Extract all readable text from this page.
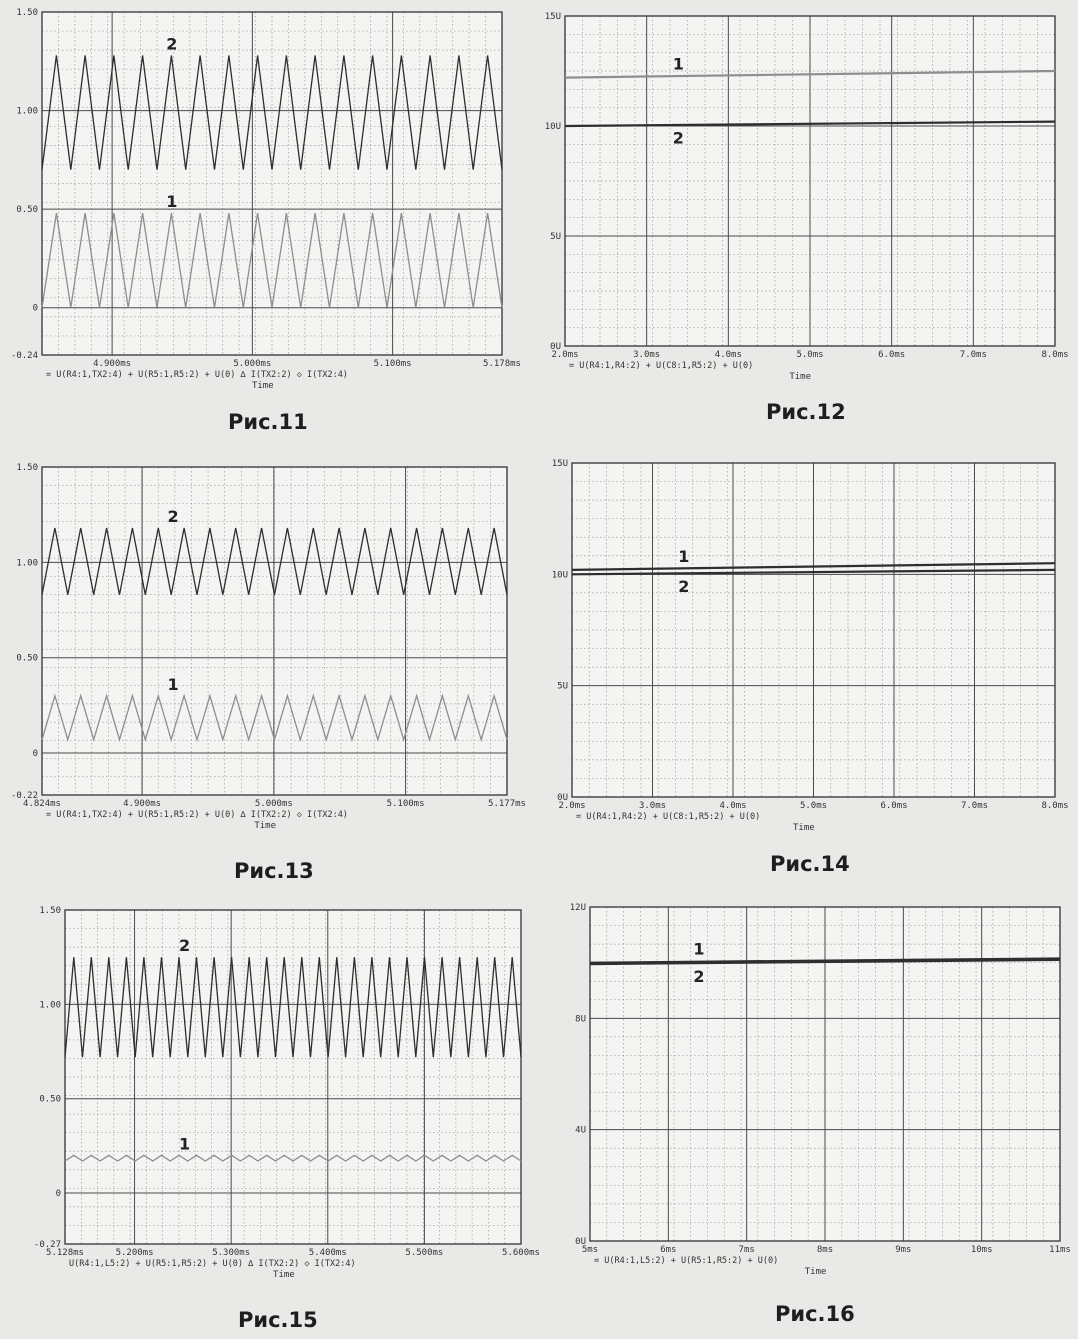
1.50
1.00
0.50
0
-0.24
4.900ms	5.000ms	5.100ms	5.178ms
= U(R4:1,TX2:4) + U(R5:1,R5:2) + U(0) ∆ I(TX2:2) ◇ I(TX2:4)
Time
2
1
Рис.11
15U
10U
5U
0U
2.0ms	3.0ms	4.0ms	5.0ms	6.0ms	7.0ms	8.0ms
= U(R4:1,R4:2) + U(C8:1,R5:2) + U(0)
Time
1
2
Рис.12
1.50
1.00
0.50
0
-0.22
4.824ms	4.900ms	5.000ms	5.100ms	5.177ms
= U(R4:1,TX2:4) + U(R5:1,R5:2) + U(0) ∆ I(TX2:2) ◇ I(TX2:4)
Time
2
1
Рис.13
15U
10U
5U
0U
2.0ms	3.0ms	4.0ms	5.0ms	6.0ms	7.0ms	8.0ms
= U(R4:1,R4:2) + U(C8:1,R5:2) + U(0)
Time
1
2
Рис.14
1.50
1.00
0.50
0
-0.27
5.128ms	5.200ms	5.300ms	5.400ms	5.500ms	5.600ms
U(R4:1,L5:2) + U(R5:1,R5:2) + U(0) ∆ I(TX2:2) ◇ I(TX2:4)
Time
2
1
Рис.15
12U
8U
4U
0U
5ms	6ms	7ms	8ms	9ms	10ms	11ms
= U(R4:1,L5:2) + U(R5:1,R5:2) + U(0)
Time
1
2
Рис.16
